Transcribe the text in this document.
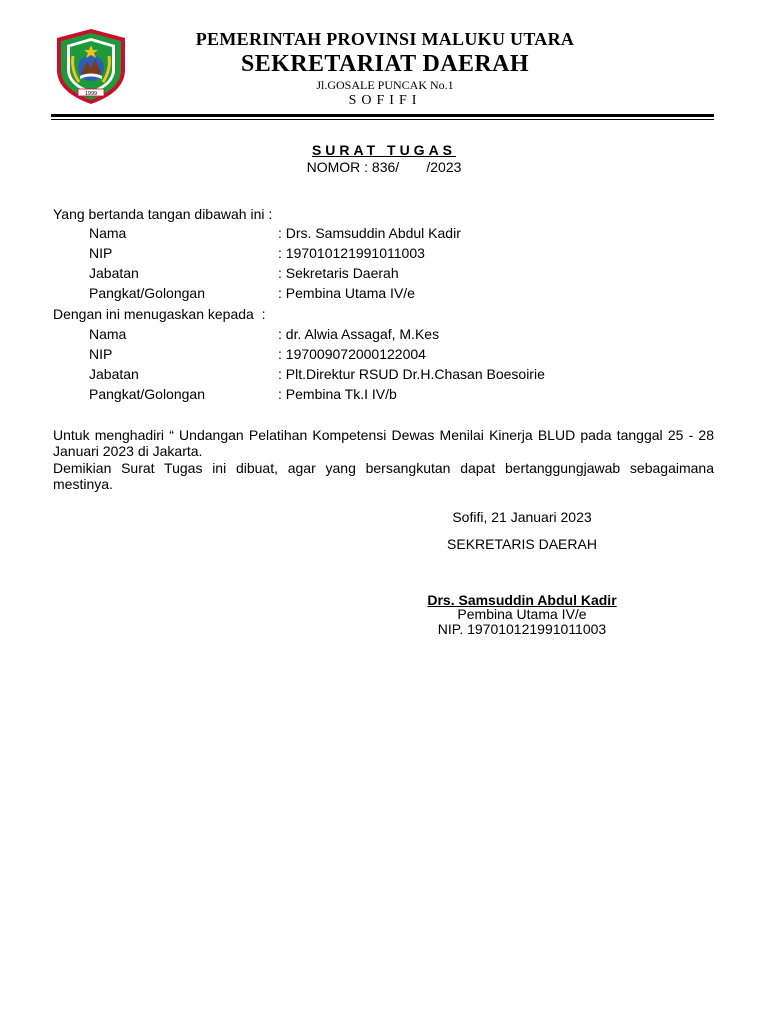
1999
PEMERINTAH PROVINSI MALUKU UTARA
SEKRETARIAT DAERAH
Jl.GOSALE PUNCAK No.1
SOFIFI
SURAT TUGAS
NOMOR : 836/       /2023
Yang bertanda tangan dibawah ini :
Nama	: Drs. Samsuddin Abdul Kadir
NIP	: 197010121991011003
Jabatan	: Sekretaris Daerah
Pangkat/Golongan	: Pembina Utama IV/e
Dengan ini menugaskan kepada  :
Nama	: dr. Alwia Assagaf, M.Kes
NIP	: 197009072000122004
Jabatan	: Plt.Direktur RSUD Dr.H.Chasan Boesoirie
Pangkat/Golongan	: Pembina Tk.I IV/b
Untuk menghadiri “ Undangan Pelatihan Kompetensi Dewas Menilai Kinerja BLUD pada tanggal 25 - 28 Januari 2023 di Jakarta.
Demikian Surat Tugas ini dibuat, agar yang bersangkutan dapat bertanggungjawab sebagaimana mestinya.
Sofifi, 21 Januari 2023
SEKRETARIS DAERAH
Drs. Samsuddin Abdul Kadir
Pembina Utama IV/e
NIP. 197010121991011003
